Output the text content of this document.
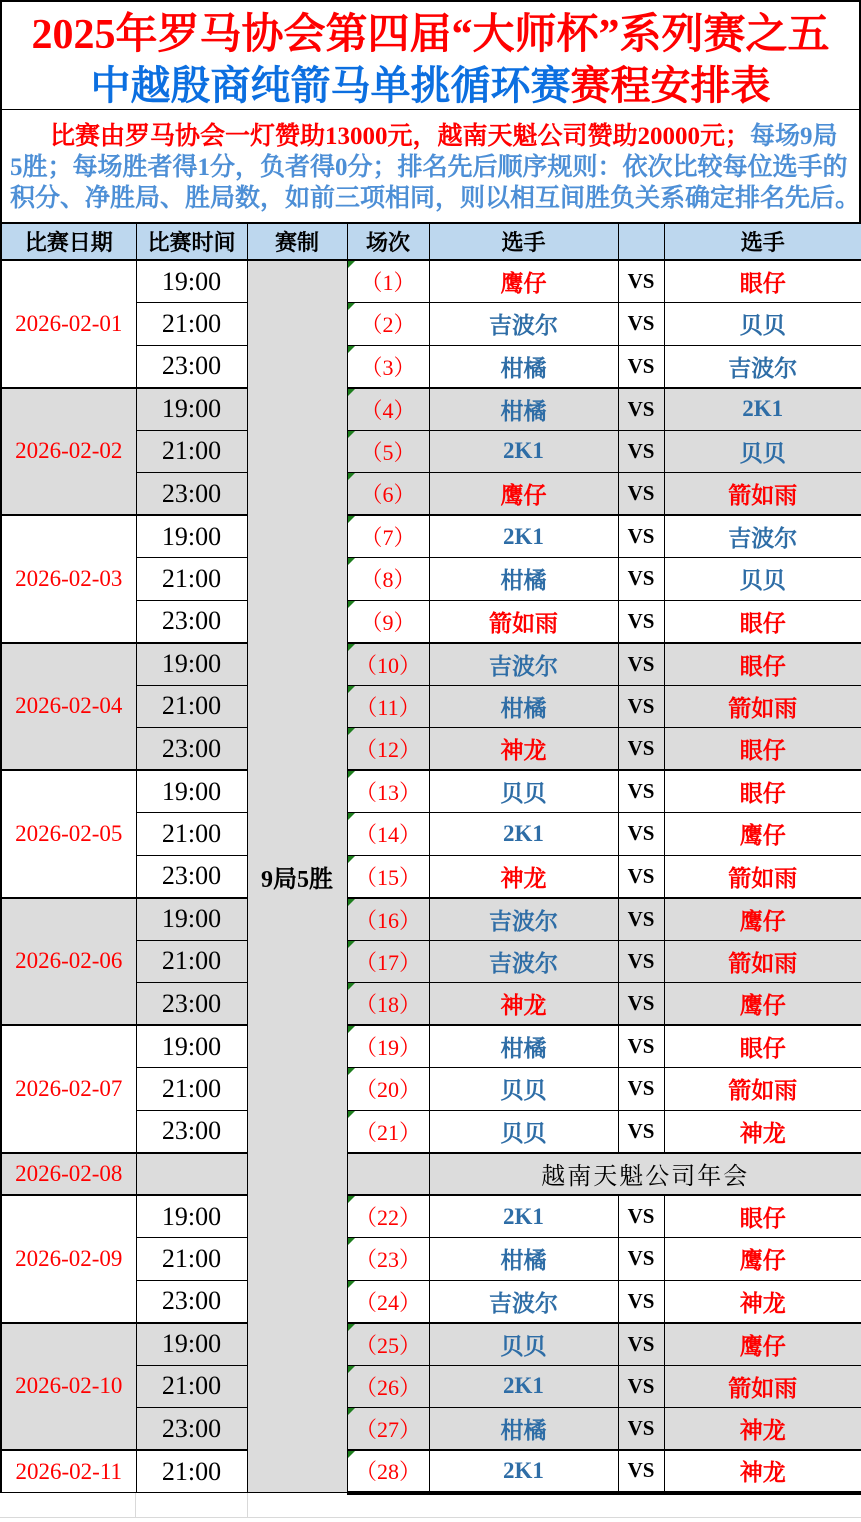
2025年罗马协会第四届“大师杯”系列赛之五
中越殷商纯箭马单挑循环赛赛程安排表
比赛由罗马协会一灯赞助13000元，越南天魁公司赞助20000元；每场9局
5胜；每场胜者得1分，负者得0分；排名先后顺序规则：依次比较每位选手的
积分、净胜局、胜局数，如前三项相同，则以相互间胜负关系确定排名先后。
比赛日期	比赛时间	赛制	场次	选手		选手
2026-02-01	19:00	9局5胜	（1）	鹰仔	VS	眼仔
	21:00		（2）	吉波尔	VS	贝贝
	23:00		（3）	柑橘	VS	吉波尔
2026-02-02	19:00		（4）	柑橘	VS	2K1
	21:00		（5）	2K1	VS	贝贝
	23:00		（6）	鹰仔	VS	箭如雨
2026-02-03	19:00		（7）	2K1	VS	吉波尔
	21:00		（8）	柑橘	VS	贝贝
	23:00		（9）	箭如雨	VS	眼仔
2026-02-04	19:00		（10）	吉波尔	VS	眼仔
	21:00		（11）	柑橘	VS	箭如雨
	23:00		（12）	神龙	VS	眼仔
2026-02-05	19:00		（13）	贝贝	VS	眼仔
	21:00		（14）	2K1	VS	鹰仔
	23:00		（15）	神龙	VS	箭如雨
2026-02-06	19:00		（16）	吉波尔	VS	鹰仔
	21:00		（17）	吉波尔	VS	箭如雨
	23:00		（18）	神龙	VS	鹰仔
2026-02-07	19:00		（19）	柑橘	VS	眼仔
	21:00		（20）	贝贝	VS	箭如雨
	23:00		（21）	贝贝	VS	神龙
2026-02-08				越南天魁公司年会		
2026-02-09	19:00		（22）	2K1	VS	眼仔
	21:00		（23）	柑橘	VS	鹰仔
	23:00		（24）	吉波尔	VS	神龙
2026-02-10	19:00		（25）	贝贝	VS	鹰仔
	21:00		（26）	2K1	VS	箭如雨
	23:00		（27）	柑橘	VS	神龙
2026-02-11	21:00		（28）	2K1	VS	神龙
